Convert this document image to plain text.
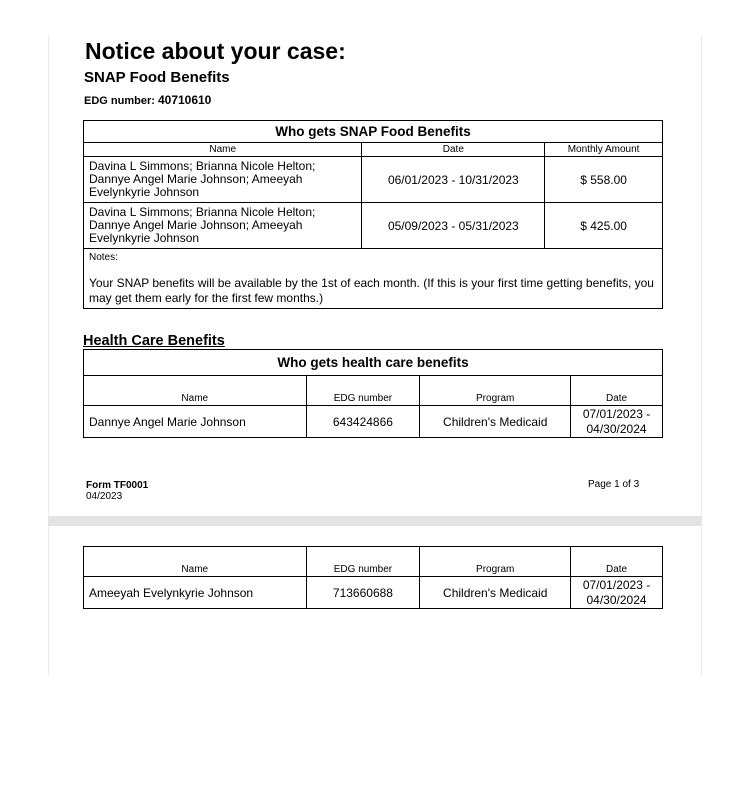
Notice about your case:
SNAP Food Benefits
EDG number: 40710610
Who gets SNAP Food Benefits		
Name	Date	Monthly Amount
Davina L Simmons; Brianna Nicole Helton; Dannye Angel Marie Johnson; Ameeyah Evelynkyrie Johnson	06/01/2023 - 10/31/2023	$ 558.00
Davina L Simmons; Brianna Nicole Helton; Dannye Angel Marie Johnson; Ameeyah Evelynkyrie Johnson	05/09/2023 - 05/31/2023	$ 425.00

Notes:
Your SNAP benefits will be available by the 1st of each month. (If this is your first time getting benefits, you may get them early for the first few months.)		
Health Care Benefits
Who gets health care benefits			
Name	EDG number	Program	Date
Dannye Angel Marie Johnson	643424866	Children's Medicaid	07/01/2023 -
04/30/2024
Form TF0001
04/2023
Page 1 of 3
Name	EDG number	Program	Date
Ameeyah Evelynkyrie Johnson	713660688	Children's Medicaid	07/01/2023 -
04/30/2024
